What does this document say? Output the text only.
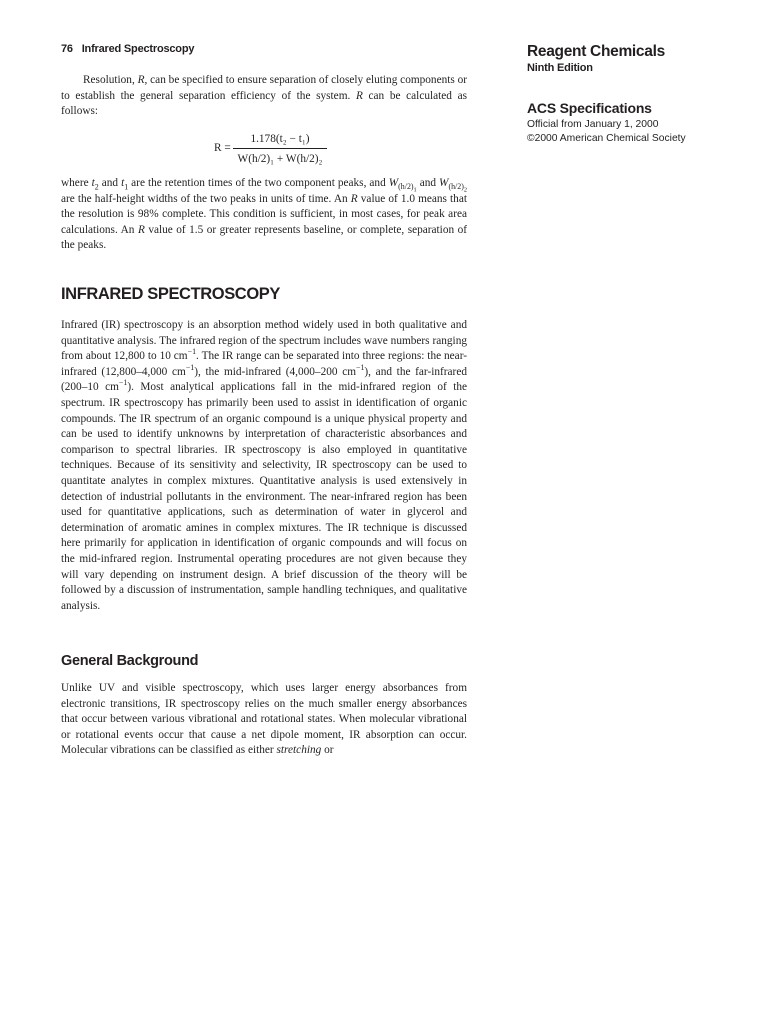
76 Infrared Spectroscopy	Reagent Chemicals
Ninth Edition
ACS Specifications
Official from January 1, 2000
©2000 American Chemical Society

Resolution, R, can be specified to ensure separation of closely eluting components or to establish the general separation efficiency of the system. R can be calculated as follows:

R =
1.178(t₂ − t₁)
W(h/2)₁ + W(h/2)₂

where $t_2$ and $t_1$ are the retention times of the two component peaks, and $W_{(h/2)_1}$ and $W_{(h/2)_2}$ are the half-height widths of the two peaks in units of time. An R value of 1.0 means that the resolution is 98% complete. This condition is sufficient, in most cases, for peak area calculations. An R value of 1.5 or greater represents baseline, or complete, separation of the peaks.

INFRARED SPECTROSCOPY

Infrared (IR) spectroscopy is an absorption method widely used in both qualitative and quantitative analysis. The infrared region of the spectrum includes wave numbers ranging from about 12,800 to 10 $cm^{-1}$. The IR range can be separated into three regions: the near-infrared (12,800–4,000 $cm^{-1}$), the mid-infrared (4,000–200 $cm^{-1}$), and the far-infrared (200–10 $cm^{-1}$). Most analytical applications fall in the mid-infrared region of the spectrum. IR spectroscopy has primarily been used to assist in identification of organic compounds. The IR spectrum of an organic compound is a unique physical property and can be used to identify unknowns by interpretation of characteristic absorbances and comparison to spectral libraries. IR spectroscopy is also employed in quantitative techniques. Because of its sensitivity and selectivity, IR spectroscopy can be used to quantitate analytes in complex mixtures. Quantitative analysis is used extensively in detection of industrial pollutants in the environment. The near-infrared region has been used for quantitative applications, such as determination of water in glycerol and determination of aromatic amines in complex mixtures. The IR technique is discussed here primarily for application in identification of organic compounds and will focus on the mid-infrared region. Instrumental operating procedures are not given because they will vary depending on instrument design. A brief discussion of the theory will be followed by a discussion of instrumentation, sample handling techniques, and qualitative analysis.

General Background

Unlike UV and visible spectroscopy, which uses larger energy absorbances from electronic transitions, IR spectroscopy relies on the much smaller energy absorbances that occur between various vibrational and rotational states. When molecular vibrational or rotational events occur that cause a net dipole moment, IR absorption can occur. Molecular vibrations can be classified as either stretching or
